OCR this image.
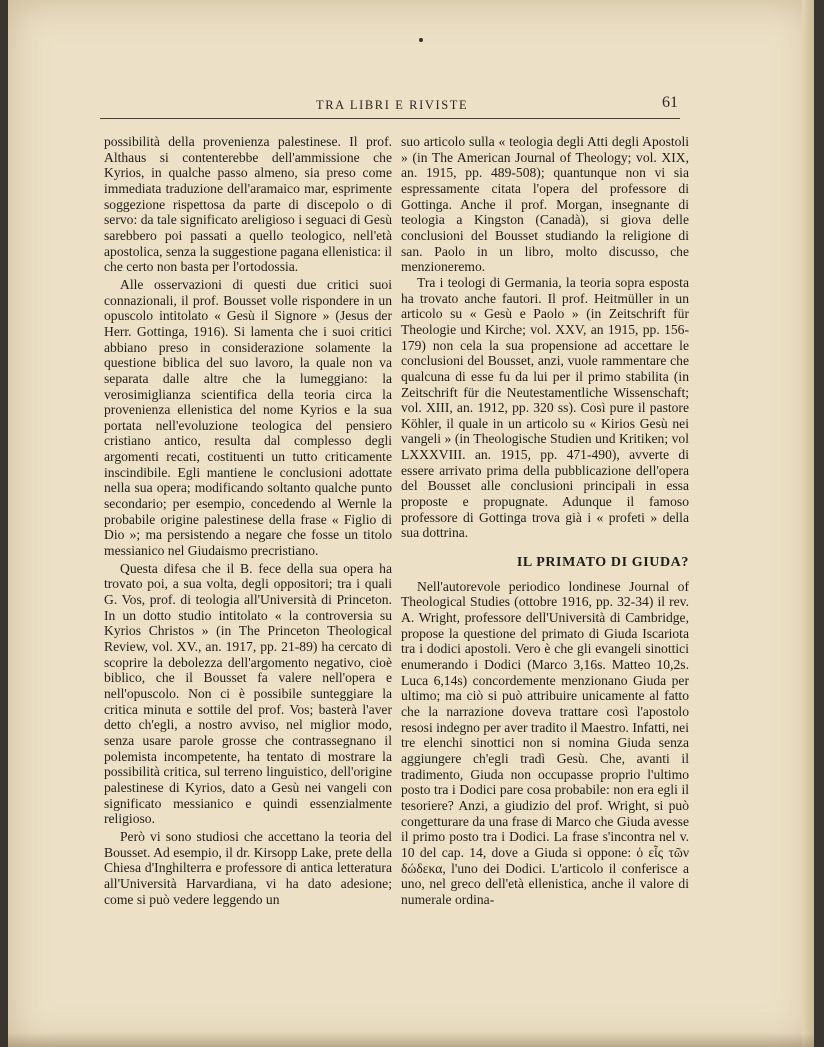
TRA LIBRI E RIVISTE	61

possibilità della provenienza palestinese. Il prof. Althaus si contenterebbe dell'ammissione che Kyrios, in qualche passo almeno, sia preso come immediata traduzione dell'aramaico mar, esprimente soggezione rispettosa da parte di discepolo o di servo: da tale significato areligioso i seguaci di Gesù sarebbero poi passati a quello teologico, nell'età apostolica, senza la suggestione pagana ellenistica: il che certo non basta per l'ortodossia.

Alle osservazioni di questi due critici suoi connazionali, il prof. Bousset volle rispondere in un opuscolo intitolato « Gesù il Signore » (Jesus der Herr. Gottinga, 1916). Si lamenta che i suoi critici abbiano preso in considerazione solamente la questione biblica del suo lavoro, la quale non va separata dalle altre che la lumeggiano: la verosimiglianza scientifica della teoria circa la provenienza ellenistica del nome Kyrios e la sua portata nell'evoluzione teologica del pensiero cristiano antico, resulta dal complesso degli argomenti recati, costituenti un tutto criticamente inscindibile. Egli mantiene le conclusioni adottate nella sua opera; modificando soltanto qualche punto secondario; per esempio, concedendo al Wernle la probabile origine palestinese della frase « Figlio di Dio »; ma persistendo a negare che fosse un titolo messianico nel Giudaismo precristiano.

Questa difesa che il B. fece della sua opera ha trovato poi, a sua volta, degli oppositori; tra i quali G. Vos, prof. di teologia all'Università di Princeton. In un dotto studio intitolato « la controversia su Kyrios Christos » (in The Princeton Theological Review, vol. XV., an. 1917, pp. 21-89) ha cercato di scoprire la debolezza dell'argomento negativo, cioè biblico, che il Bousset fa valere nell'opera e nell'opuscolo. Non ci è possibile sunteggiare la critica minuta e sottile del prof. Vos; basterà l'aver detto ch'egli, a nostro avviso, nel miglior modo, senza usare parole grosse che contrassegnano il polemista incompetente, ha tentato di mostrare la possibilità critica, sul terreno linguistico, dell'origine palestinese di Kyrios, dato a Gesù nei vangeli con significato messianico e quindi essenzialmente religioso.

Però vi sono studiosi che accettano la teoria del Bousset. Ad esempio, il dr. Kirsopp Lake, prete della Chiesa d'Inghilterra e professore di antica letteratura all'Università Harvardiana, vi ha dato adesione; come si può vedere leggendo un

suo articolo sulla « teologia degli Atti degli Apostoli » (in The American Journal of Theology; vol. XIX, an. 1915, pp. 489-508); quantunque non vi sia espressamente citata l'opera del professore di Gottinga. Anche il prof. Morgan, insegnante di teologia a Kingston (Canadà), si giova delle conclusioni del Bousset studiando la religione di san. Paolo in un libro, molto discusso, che menzioneremo.

Tra i teologi di Germania, la teoria sopra esposta ha trovato anche fautori. Il prof. Heitmüller in un articolo su « Gesù e Paolo » (in Zeitschrift für Theologie und Kirche; vol. XXV, an 1915, pp. 156-179) non cela la sua propensione ad accettare le conclusioni del Bousset, anzi, vuole rammentare che qualcuna di esse fu da lui per il primo stabilita (in Zeitschrift für die Neutestamentliche Wissenschaft; vol. XIII, an. 1912, pp. 320 ss). Così pure il pastore Köhler, il quale in un articolo su « Kirios Gesù nei vangeli » (in Theologische Studien und Kritiken; vol LXXXVIII. an. 1915, pp. 471-490), avverte di essere arrivato prima della pubblicazione dell'opera del Bousset alle conclusioni principali in essa proposte e propugnate. Adunque il famoso professore di Gottinga trova già i « profeti » della sua dottrina.

IL PRIMATO DI GIUDA?

Nell'autorevole periodico londinese Journal of Theological Studies (ottobre 1916, pp. 32-34) il rev. A. Wright, professore dell'Università di Cambridge, propose la questione del primato di Giuda Iscariota tra i dodici apostoli. Vero è che gli evangeli sinottici enumerando i Dodici (Marco 3,16s. Matteo 10,2s. Luca 6,14s) concordemente menzionano Giuda per ultimo; ma ciò si può attribuire unicamente al fatto che la narrazione doveva trattare così l'apostolo resosi indegno per aver tradito il Maestro. Infatti, nei tre elenchi sinottici non si nomina Giuda senza aggiungere ch'egli tradì Gesù. Che, avanti il tradimento, Giuda non occupasse proprio l'ultimo posto tra i Dodici pare cosa probabile: non era egli il tesoriere? Anzi, a giudizio del prof. Wright, si può congetturare da una frase di Marco che Giuda avesse il primo posto tra i Dodici. La frase s'incontra nel v. 10 del cap. 14, dove a Giuda si oppone: ὁ εἷς τῶν δώδεκα, l'uno dei Dodici. L'articolo il conferisce a uno, nel greco dell'età ellenistica, anche il valore di numerale ordina-
